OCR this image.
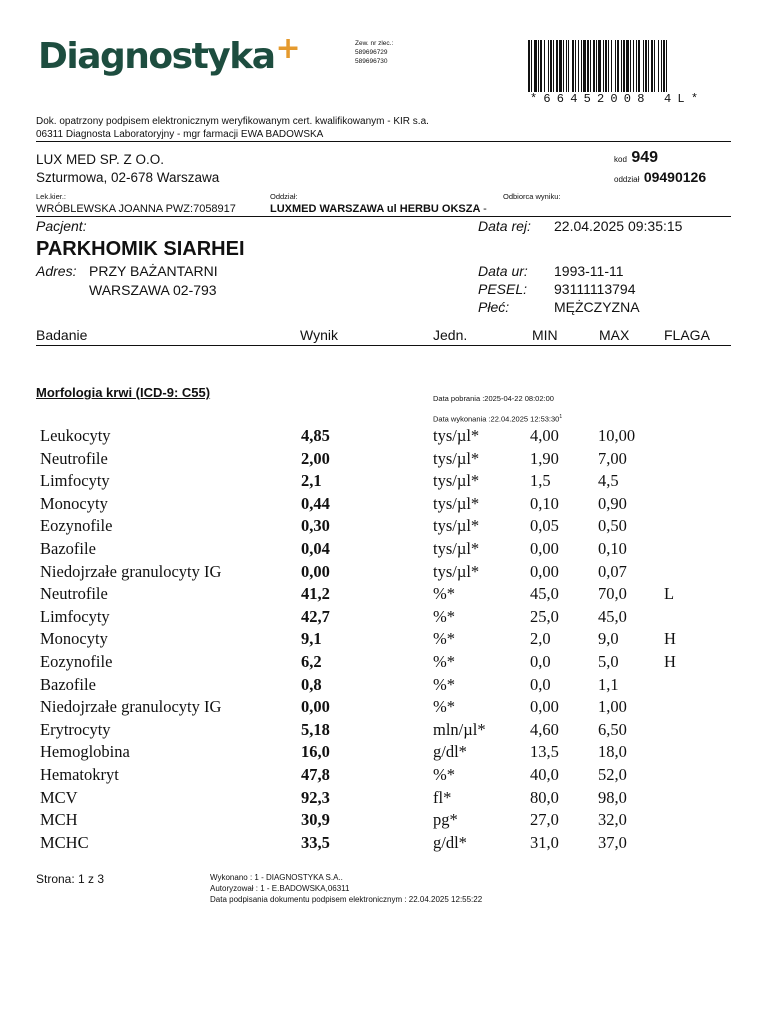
Diagnostyka+	Zew. nr zlec.:
589696729
589696730
*66452008 4L*
Dok. opatrzony podpisem elektronicznym weryfikowanym cert. kwalifikowanym - KIR s.a.
06311 Diagnosta Laboratoryjny - mgr farmacji EWA BADOWSKA
LUX MED SP. Z O.O.
Szturmowa, 02-678 Warszawa
kod 949
oddział 09490126
Lek.kier.:
WRÓBLEWSKA JOANNA PWZ:7058917
Oddział:
LUXMED WARSZAWA ul HERBU OKSZA -
Odbiorca wyniku:
Pacjent:	Data rej: 22.04.2025 09:35:15
PARKHOMIK SIARHEI
Adres: PRZY BAŻANTARNI
WARSZAWA 02-793
Data ur: 1993-11-11
PESEL: 93111113794
Płeć:	MĘŻCZYZNA
Badanie	Wynik	Jedn.	MIN	MAX FLAGA
Morfologia krwi (ICD-9: C55)	Data pobrania :2025-04-22 08:02:00
Data wykonania :22.04.2025 $12:53:30^1$
Leukocyty	4,85	tys/µl*	4,00 10,00
Neutrofile	2,00	tys/µl*	1,90 7,00
Limfocyty	2,1	tys/µl*	1,5	4,5
Monocyty	0,44	tys/µl*	0,10 0,90
Eozynofile	0,30	tys/µl*	0,05 0,50
Bazofile	0,04	tys/µl*	0,00 0,10
Niedojrzałe granulocyty IG	0,00	tys/µl*	0,00 0,07
Neutrofile	41,2	%*	45,0 70,0 L
Limfocyty	42,7	%*	25,0 45,0
Monocyty	9,1	%*	2,0	9,0	H
Eozynofile	6,2	%*	0,0	5,0	H
Bazofile	0,8	%*	0,0	1,1
Niedojrzałe granulocyty IG	0,00	%*	0,00 1,00
Erytrocyty	5,18	mln/µl*	4,60 6,50
Hemoglobina	16,0	g/dl*	13,5 18,0
Hematokryt	47,8	%*	40,0 52,0
MCV	92,3	fl*	80,0 98,0
MCH	30,9	pg*	27,0 32,0
MCHC	33,5	g/dl*	31,0 37,0
Strona: 1 z 3	Wykonano : 1 - DIAGNOSTYKA S.A..
Autoryzował : 1 - E.BADOWSKA,06311
Data podpisania dokumentu podpisem elektronicznym : 22.04.2025 12:55:22
